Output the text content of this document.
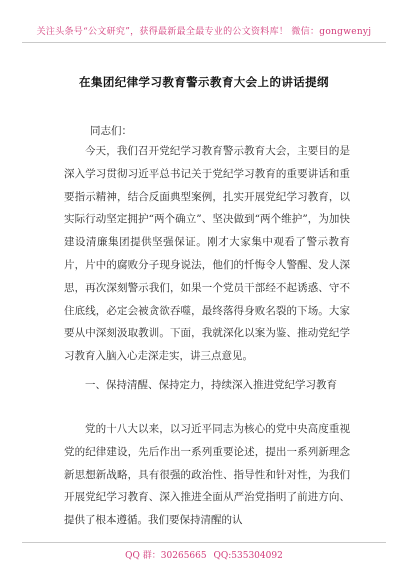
关注头条号“公文研究”，获得最新最全最专业的公文资料库！ 微信：gongwenyj
在集团纪律学习教育警示教育大会上的讲话提纲
同志们：

今天，我们召开党纪学习教育警示教育大会，主要目的是深入学习贯彻习近平总书记关于党纪学习教育的重要讲话和重要指示精神，结合反面典型案例，扎实开展党纪学习教育，以实际行动坚定拥护“两个确立”、坚决做到“两个维护”，为加快建设清廉集团提供坚强保证。刚才大家集中观看了警示教育片，片中的腐败分子现身说法，他们的忏悔令人警醒、发人深思，再次深刻警示我们，如果一个党员干部经不起诱惑、守不住底线，必定会被贪欲吞噬，最终落得身败名裂的下场。大家要从中深刻汲取教训。下面，我就深化以案为鉴、推动党纪学习教育入脑入心走深走实，讲三点意见。

一、保持清醒、保持定力，持续深入推进党纪学习教育

党的十八大以来，以习近平同志为核心的党中央高度重视党的纪律建设，先后作出一系列重要论述，提出一系列新理念新思想新战略，具有很强的政治性、指导性和针对性，为我们开展党纪学习教育、深入推进全面从严治党指明了前进方向、提供了根本遵循。我们要保持清醒的认

QQ 群：30265665 QQ:535304092
